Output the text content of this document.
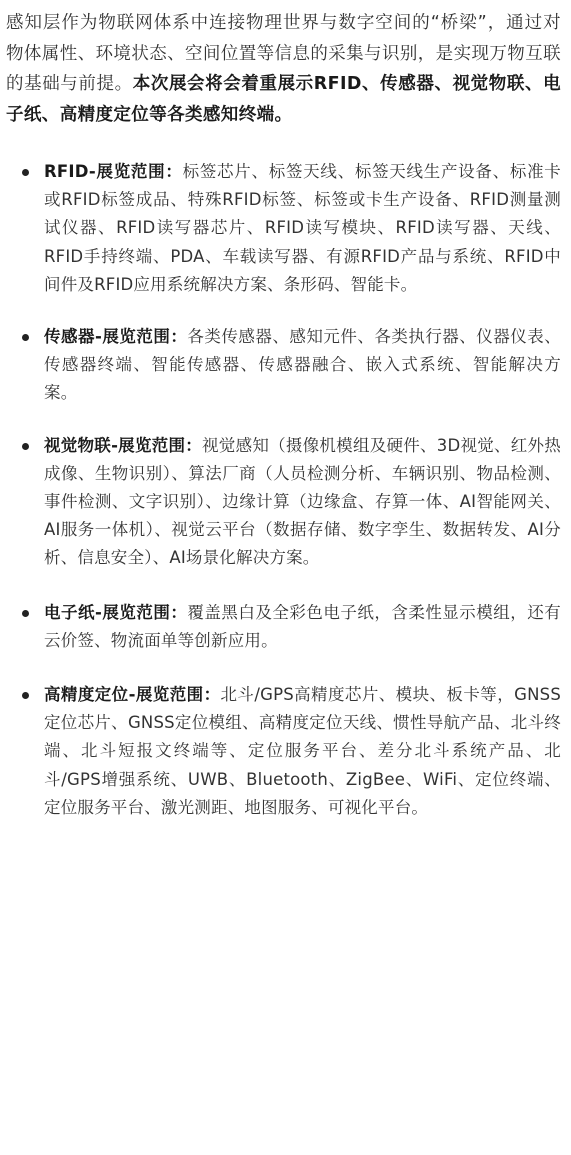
感知层作为物联网体系中连接物理世界与数字空间的“桥梁”，通过对物体属性、环境状态、空间位置等信息的采集与识别，是实现万物互联的基础与前提。本次展会将会着重展示RFID、传感器、视觉物联、电子纸、高精度定位等各类感知终端。

RFID-展览范围：标签芯片、标签天线、标签天线生产设备、标准卡或RFID标签成品、特殊RFID标签、标签或卡生产设备、RFID测量测试仪器、RFID读写器芯片、RFID读写模块、RFID读写器、天线、RFID手持终端、PDA、车载读写器、有源RFID产品与系统、RFID中间件及RFID应用系统解决方案、条形码、智能卡。
传感器-展览范围：各类传感器、感知元件、各类执行器、仪器仪表、传感器终端、智能传感器、传感器融合、嵌入式系统、智能解决方案。
视觉物联-展览范围：视觉感知（摄像机模组及硬件、3D视觉、红外热成像、生物识别）、算法厂商（人员检测分析、车辆识别、物品检测、事件检测、文字识别）、边缘计算（边缘盒、存算一体、AI智能网关、AI服务一体机）、视觉云平台（数据存储、数字孪生、数据转发、AI分析、信息安全）、AI场景化解决方案。
电子纸-展览范围：覆盖黑白及全彩色电子纸，含柔性显示模组，还有云价签、物流面单等创新应用。
高精度定位-展览范围：北斗/GPS高精度芯片、模块、板卡等，GNSS定位芯片、GNSS定位模组、高精度定位天线、惯性导航产品、北斗终端、北斗短报文终端等、定位服务平台、差分北斗系统产品、北斗/GPS增强系统、UWB、Bluetooth、ZigBee、WiFi、定位终端、定位服务平台、激光测距、地图服务、可视化平台。
